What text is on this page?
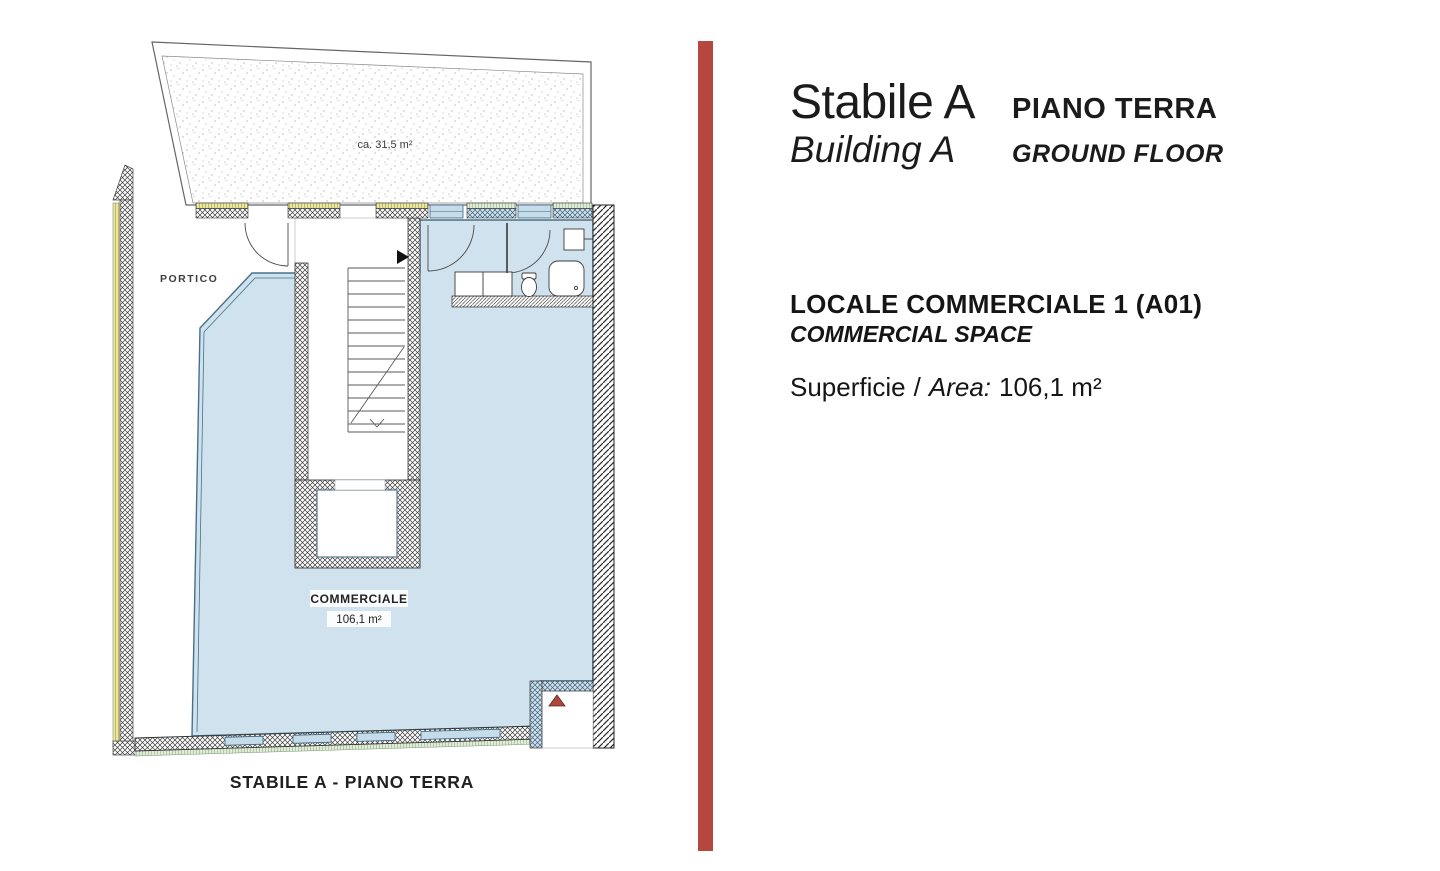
ca. 31,5 m²
PORTICO
COMMERCIALE
106,1 m²
STABILE A - PIANO TERRA
Stabile A	PIANO TERRA
Building A	GROUND FLOOR
LOCALE COMMERCIALE 1 (A01)
COMMERCIAL SPACE
Superficie / Area: 106,1 m²
